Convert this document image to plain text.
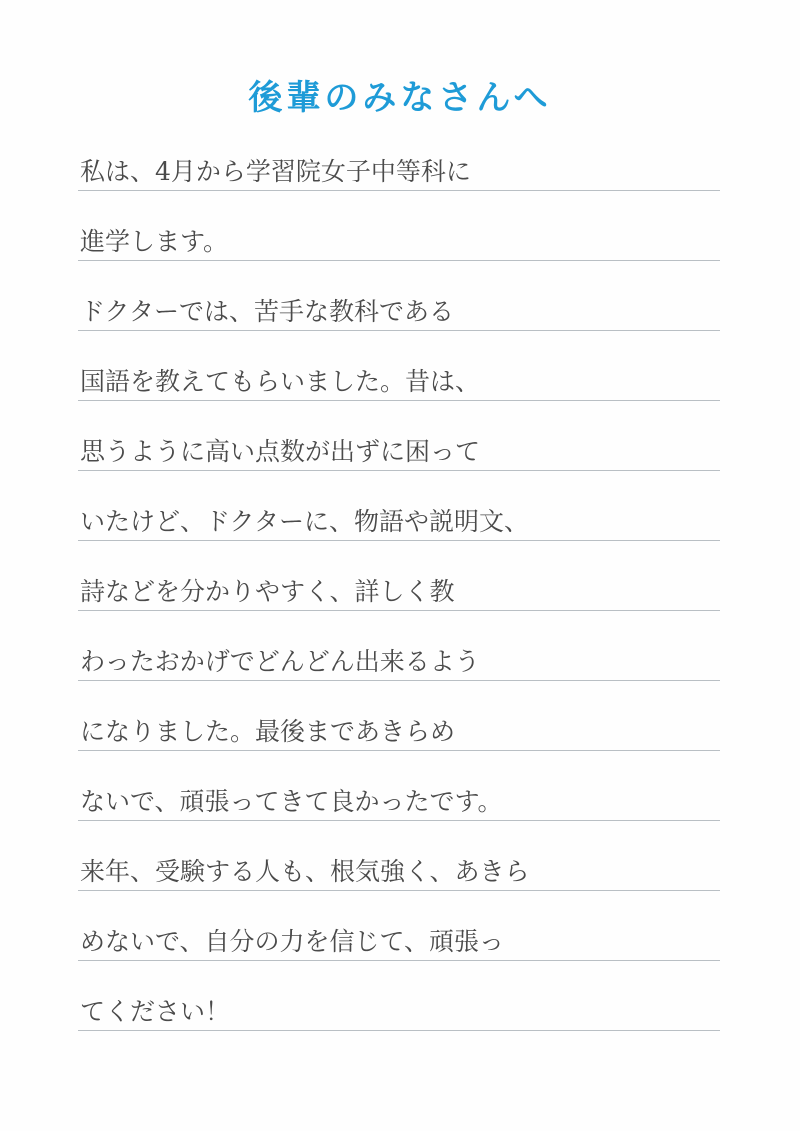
後輩のみなさんへ
私は、4月から学習院女子中等科に
進学します。
ドクターでは、苦手な教科である
国語を教えてもらいました。昔は、
思うように高い点数が出ずに困って
いたけど、ドクターに、物語や説明文、
詩などを分かりやすく、詳しく教
わったおかげでどんどん出来るよう
になりました。最後まであきらめ
ないで、頑張ってきて良かったです。
来年、受験する人も、根気強く、あきら
めないで、自分の力を信じて、頑張っ
てください！
